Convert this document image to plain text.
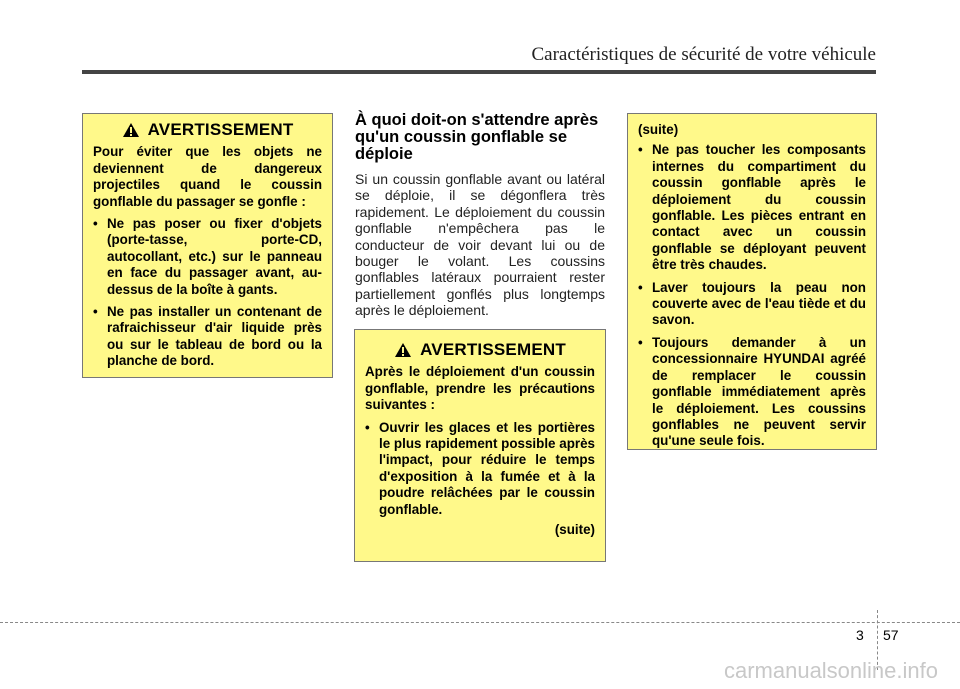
Caractéristiques de sécurité de votre véhicule
AVERTISSEMENT
Pour éviter que les objets ne deviennent de dangereux projectiles quand le coussin gonflable du passager se gonfle :
• Ne pas poser ou fixer d'objets (porte-tasse, porte-CD, autocollant, etc.) sur le panneau en face du passager avant, au-dessus de la boîte à gants.
• Ne pas installer un contenant de rafraichisseur d'air liquide près ou sur le tableau de bord ou la planche de bord.
À quoi doit-on s'attendre après qu'un coussin gonflable se déploie

Si un coussin gonflable avant ou latéral se déploie, il se dégonflera très rapidement. Le déploiement du coussin gonflable n'empêchera pas le conducteur de voir devant lui ou de bouger le volant. Les coussins gonflables latéraux pourraient rester partiellement gonflés plus longtemps après le déploiement.

AVERTISSEMENT
Après le déploiement d'un coussin gonflable, prendre les précautions suivantes :
• Ouvrir les glaces et les portières le plus rapidement possible après l'impact, pour réduire le temps d'exposition à la fumée et à la poudre relâchées par le coussin gonflable.
(suite)
(suite)
• Ne pas toucher les composants internes du compartiment du coussin gonflable après le déploiement du coussin gonflable. Les pièces entrant en contact avec un coussin gonflable se déployant peuvent être très chaudes.
• Laver toujours la peau non couverte avec de l'eau tiède et du savon.
• Toujours demander à un concessionnaire HYUNDAI agréé de remplacer le coussin gonflable immédiatement après le déploiement. Les coussins gonflables ne peuvent servir qu'une seule fois.
3 57
carmanualsonline.info
